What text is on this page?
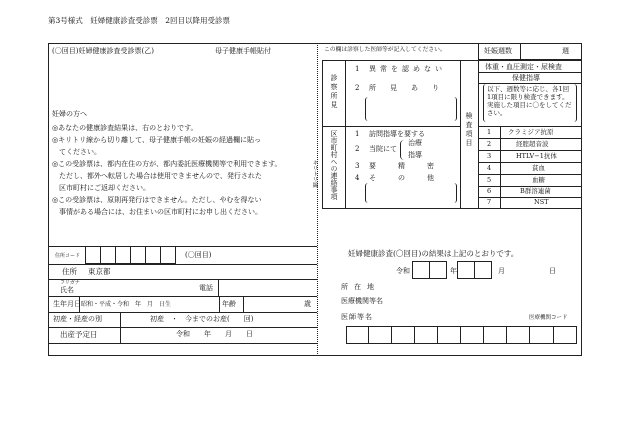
第3号様式　妊婦健康診査受診票　2回目以降用受診票
キリトリ線
(〇回目)妊婦健康診査受診票(乙)	母子健康手帳貼付
妊婦の方へ
◎あなたの健康診査結果は、右のとおりです。
◎キリトリ線から切り離して、母子健康手帳の妊娠の経過欄に貼っ
　てください。
◎この受診票は、都内在住の方が、都内委託医療機関等で利用できます。
　ただし、都外へ転居した場合は使用できませんので、発行された
　区市町村にご返却ください。
◎この受診票は、原則再発行はできません。ただし、やむを得ない
　事情がある場合には、お住まいの区市町村にお申し出ください。
住所コード	(〇回目)
住所 東京都
フリガナ
氏名	電話
生年月日 昭和・平成・令和　年　月　日生	年齢	歳
初産・経産の別	初産　・　今までのお産(　　回)
出産予定日	令和　　年　　月　　日
この欄は診察した医師等が記入してください。	妊娠週数	週
診察所見
1 異常を認めない
2 所見あり
区市町村への連絡事項 1 訪問指導を要する
2 当院にて
治療
指導
3 要精密
4 その他
検査項目
体重・血圧測定・尿検査
保健指導
以下、週数等に応じ、各1回1項目に限り検査できます。実施した項目に〇をしてください。
1	クラミジア抗原
2	経腟超音波
3	HTLV−1抗体
4	貧血
5	血糖
6	B群溶連菌
7	NST
妊婦健康診査(〇回目)の結果は上記のとおりです。
令和	年	月	日
所在地
医療機関等名
医師等名	医療機関コード
